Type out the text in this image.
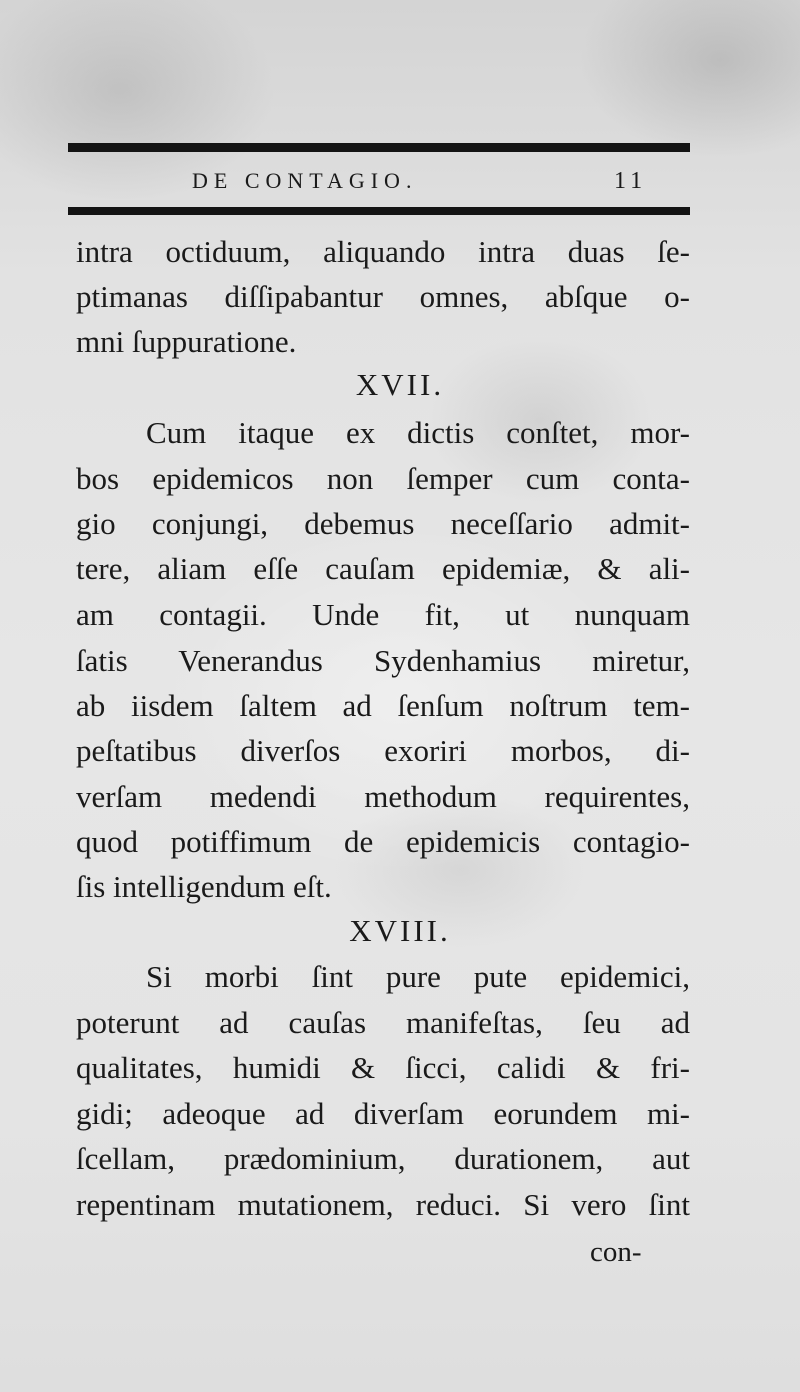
DE CONTAGIO.	11
intra octiduum, aliquando intra duas ſe-
ptimanas diſſipabantur omnes, abſque o-
mni ſuppuratione.
XVII.
Cum itaque ex dictis conſtet, mor-
bos epidemicos non ſemper cum conta-
gio conjungi, debemus neceſſario admit-
tere, aliam eſſe cauſam epidemiæ, & ali-
am contagii. Unde fit, ut nunquam
ſatis Venerandus Sydenhamius miretur,
ab iisdem ſaltem ad ſenſum noſtrum tem-
peſtatibus diverſos exoriri morbos, di-
verſam medendi methodum requirentes,
quod potiffimum de epidemicis contagio-
ſis intelligendum eſt.
XVIII.
Si morbi ſint pure pute epidemici,
poterunt ad cauſas manifeſtas, ſeu ad
qualitates, humidi & ſicci, calidi & fri-
gidi; adeoque ad diverſam eorundem mi-
ſcellam, prædominium, durationem, aut
repentinam mutationem, reduci. Si vero ſint
con-
